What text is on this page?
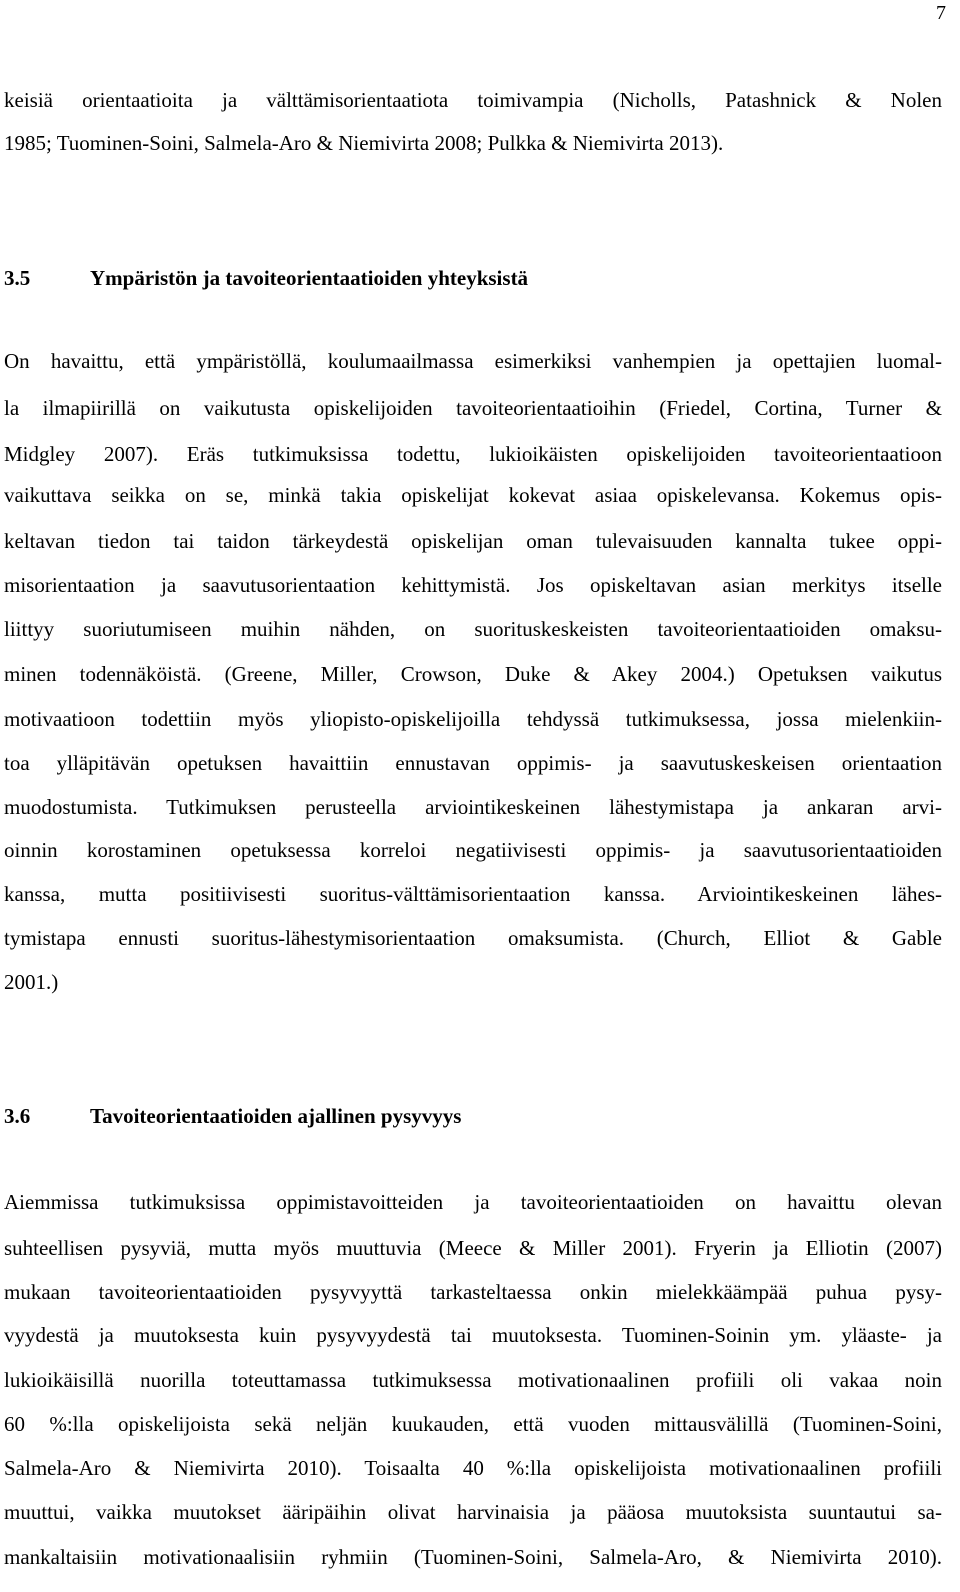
7

keisiä orientaatioita ja välttämisorientaatiota toimivampia (Nicholls, Patashnick & Nolen

1985; Tuominen-Soini, Salmela-Aro & Niemivirta 2008; Pulkka & Niemivirta 2013).

3.5	Ympäristön ja tavoiteorientaatioiden yhteyksistä

On havaittu, että ympäristöllä, koulumaailmassa esimerkiksi vanhempien ja opettajien luomal-

la ilmapiirillä on vaikutusta opiskelijoiden tavoiteorientaatioihin (Friedel, Cortina, Turner &

Midgley 2007). Eräs tutkimuksissa todettu, lukioikäisten opiskelijoiden tavoiteorientaatioon

vaikuttava seikka on se, minkä takia opiskelijat kokevat asiaa opiskelevansa. Kokemus opis-

keltavan tiedon tai taidon tärkeydestä opiskelijan oman tulevaisuuden kannalta tukee oppi-

misorientaation ja saavutusorientaation kehittymistä. Jos opiskeltavan asian merkitys itselle

liittyy suoriutumiseen muihin nähden, on suorituskeskeisten tavoiteorientaatioiden omaksu-

minen todennäköistä. (Greene, Miller, Crowson, Duke & Akey 2004.) Opetuksen vaikutus

motivaatioon todettiin myös yliopisto-opiskelijoilla tehdyssä tutkimuksessa, jossa mielenkiin-

toa ylläpitävän opetuksen havaittiin ennustavan oppimis- ja saavutuskeskeisen orientaation

muodostumista. Tutkimuksen perusteella arviointikeskeinen lähestymistapa ja ankaran arvi-

oinnin korostaminen opetuksessa korreloi negatiivisesti oppimis- ja saavutusorientaatioiden

kanssa, mutta positiivisesti suoritus-välttämisorientaation kanssa. Arviointikeskeinen lähes-

tymistapa ennusti suoritus-lähestymisorientaation omaksumista. (Church, Elliot & Gable

2001.)

3.6	Tavoiteorientaatioiden ajallinen pysyvyys

Aiemmissa tutkimuksissa oppimistavoitteiden ja tavoiteorientaatioiden on havaittu olevan

suhteellisen pysyviä, mutta myös muuttuvia (Meece & Miller 2001). Fryerin ja Elliotin (2007)

mukaan tavoiteorientaatioiden pysyvyyttä tarkasteltaessa onkin mielekkäämpää puhua pysy-

vyydestä ja muutoksesta kuin pysyvyydestä tai muutoksesta. Tuominen-Soinin ym. yläaste- ja

lukioikäisillä nuorilla toteuttamassa tutkimuksessa motivationaalinen profiili oli vakaa noin

60 %:lla opiskelijoista sekä neljän kuukauden, että vuoden mittausvälillä (Tuominen-Soini,

Salmela-Aro & Niemivirta 2010). Toisaalta 40 %:lla opiskelijoista motivationaalinen profiili

muuttui, vaikka muutokset ääripäihin olivat harvinaisia ja pääosa muutoksista suuntautui sa-

mankaltaisiin motivationaalisiin ryhmiin (Tuominen-Soini, Salmela-Aro, & Niemivirta 2010).
